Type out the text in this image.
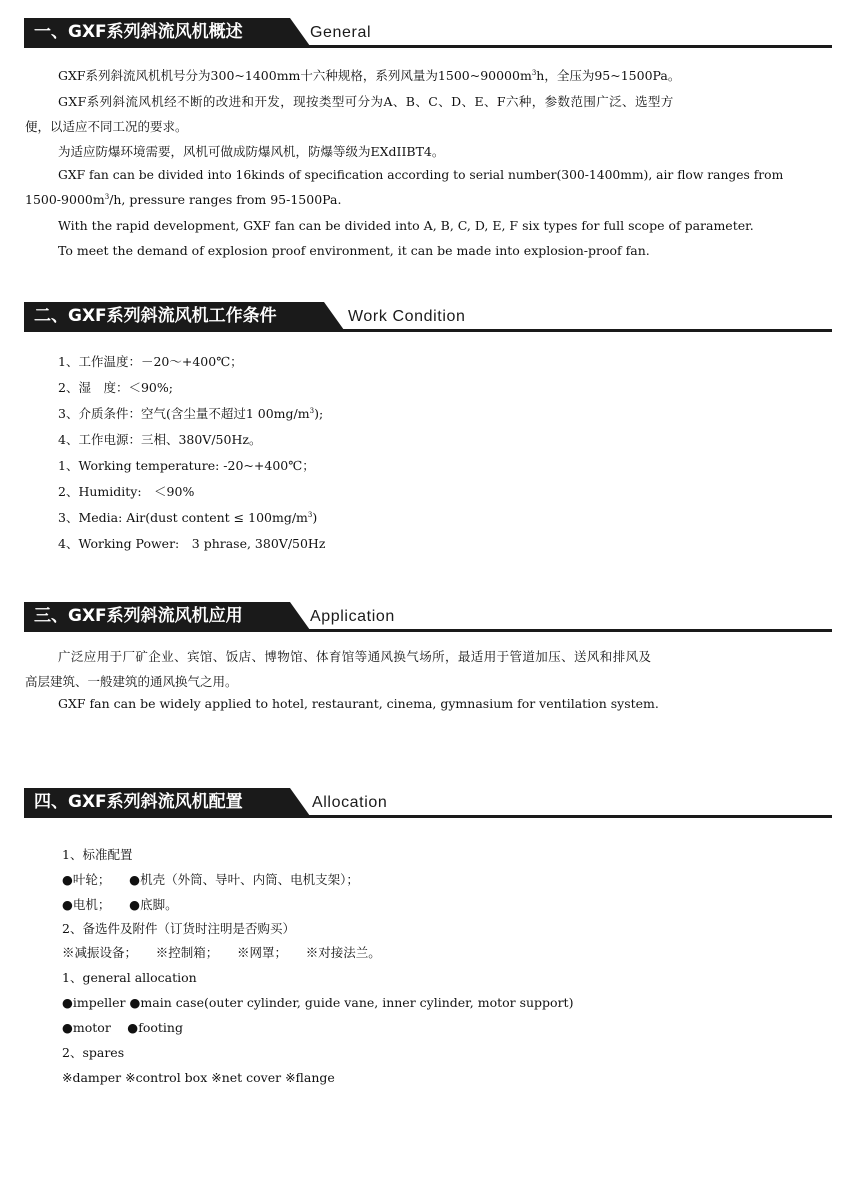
一、GXF系列斜流风机概述	General
GXF系列斜流风机机号分为300~1400mm十六种规格，系列风量为$1500\sim 90000m^3h$，全压为95~1500Pa。
GXF系列斜流风机经不断的改进和开发，现按类型可分为A、B、C、D、E、F六种，参数范围广泛、选型方
便，以适应不同工况的要求。
为适应防爆环境需要，风机可做成防爆风机，防爆等级为EXdIIBT4。
GXF fan can be divided into 16kinds of specification according to serial number(300-1400mm), air flow ranges from
$1500-9000m^3/h$, pressure ranges from 95-1500Pa.
With the rapid development, GXF fan can be divided into A, B, C, D, E, F six types for full scope of parameter.
To meet the demand of explosion proof environment, it can be made into explosion-proof fan.
二、GXF系列斜流风机工作条件	Work Condition
1、工作温度：－20～+400℃；
2、湿　度：＜90%;
3、介质条件：空气(含尘量不超过1 $00mg/m^3$);
4、工作电源：三相、380V/50Hz。
1、Working temperature: -20~+400℃；
2、Humidity:　＜90%
3、Media: Air(dust content ≤ $100mg/m^3$)
4、Working Power:　3 phrase, 380V/50Hz
三、GXF系列斜流风机应用	Application
广泛应用于厂矿企业、宾馆、饭店、博物馆、体育馆等通风换气场所，最适用于管道加压、送风和排风及
高层建筑、一般建筑的通风换气之用。
GXF fan can be widely applied to hotel, restaurant, cinema, gymnasium for ventilation system.
四、GXF系列斜流风机配置	Allocation
1、标准配置
●叶轮；　　●机壳（外筒、导叶、内筒、电机支架）；
●电机；　　●底脚。
2、备选件及附件（订货时注明是否购买）
※减振设备；　　※控制箱；　　※网罩；　　※对接法兰。
1、general allocation
●impeller ●main case(outer cylinder, guide vane, inner cylinder, motor support)
●motor　 ●footing
2、spares
※damper ※control box ※net cover ※flange
